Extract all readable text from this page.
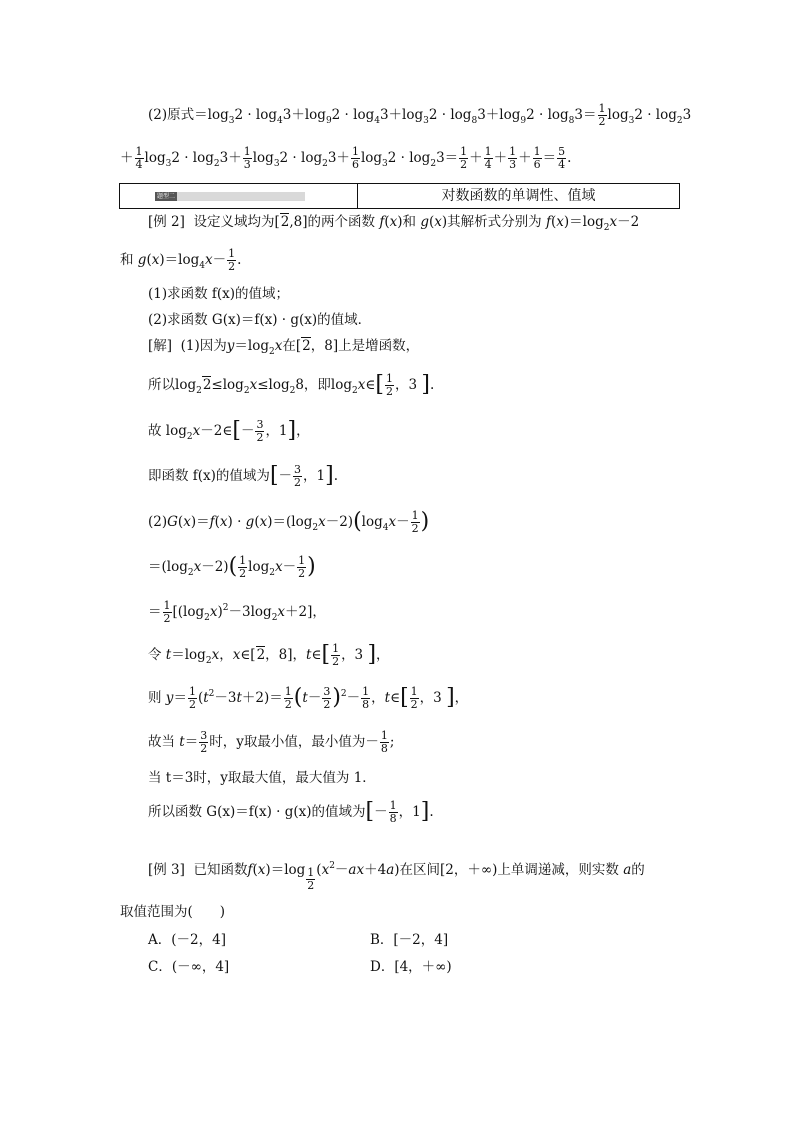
(2)原式$=\log_32 \cdot \log_43+\log_92 \cdot \log_43+\log_32 \cdot \log_83+\log_92 \cdot \log_83= \frac{1}{2} \log_32 \cdot \log_23$
＋ $\frac{1}{4} \log_32 \cdot \log_23+ \frac{1}{3} \log_32 \cdot \log_23+ \frac{1}{6} \log_32 \cdot \log_23= \frac{1}{2} + \frac{1}{4} + \frac{1}{3} + \frac{1}{6} = \frac{5}{4}$ .
题型二	对数函数的单调性、值域
[例 2] 设定义域均为[2,8]的两个函数 f(x)和 g(x)其解析式分别为 $f(x)=\log_2x-2$
和 $g(x)=\log_4x- \frac{1}{2}$ .
(1)求函数 f(x)的值域；
(2)求函数 G(x)＝f(x) · g(x)的值域．
[解] (1)因为$y=\log_2x$在[2，8]上是增函数，
所以$\log_22\le\log_2x\le\log_28$，即$\log_2x\in[ \frac{1}{2}$ ，3 ].
故 $\log_2x-2\in[- \frac{3}{2}$ ，1]，
即函数 f(x)的值域为[－ $\frac{3}{2}$ ，1].
$(2)G(x)=f(x) \cdot g(x)=(\log_2x-2)(\log_4x- \frac{1}{2}$ )
$=(\log_2x-2)( \frac{1}{2} \log_2x- \frac{1}{2}$ )
＝ $\frac{1}{2} [(\log_2x)^2-3\log_2x+2]$，
令 $t=\log_2x$，x∈[2，8]，t∈[ $\frac{1}{2}$ ，3 ]，
则 $y= \frac{1}{2} (t^2-3t+2)= \frac{1}{2} (t- \frac{3}{2} )^2- \frac{1}{8}$ ，t∈[ $\frac{1}{2}$ ，3 ]，
故当 $t= \frac{3}{2}$ 时，y取最小值，最小值为－ $\frac{1}{8}$ ;
当 t＝3时，y取最大值，最大值为 1．
所以函数 G(x)＝f(x) · g(x)的值域为[－ $\frac{1}{8}$ ，1].
[例 3] 已知函数$f(x)=\log \frac{1}{2} (x^2-ax+4a)$在区间[2，＋∞)上单调递减，则实数 a的
取值范围为(　　)
A．(－2，4]	B．[－2，4]
C．(－∞，4]	D．[4，＋∞)
